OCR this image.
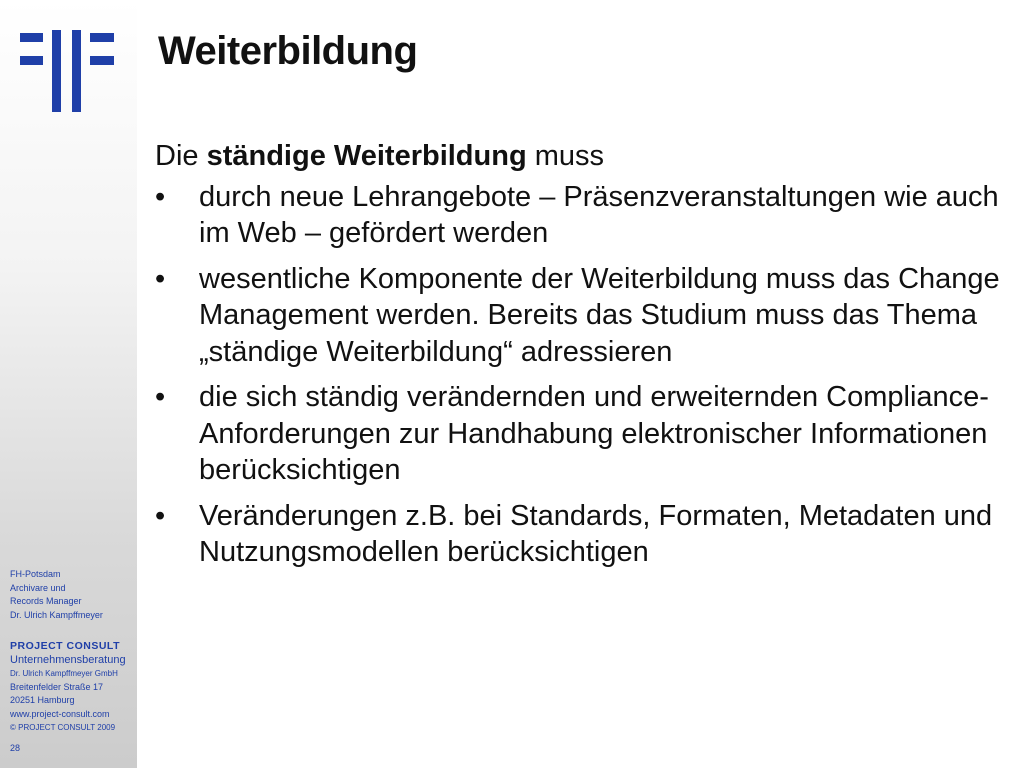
FH-Potsdam
Archivare und
Records Manager
Dr. Ulrich Kampffmeyer
PROJECT CONSULT
Unternehmensberatung
Dr. Ulrich Kampffmeyer GmbH
Breitenfelder Straße 17
20251 Hamburg
www.project-consult.com
© PROJECT CONSULT 2009
28
Weiterbildung

Die ständige Weiterbildung muss

• durch neue Lehrangebote – Präsenzveranstaltungen wie auch im Web – gefördert werden
• wesentliche Komponente der Weiterbildung muss das Change Management werden. Bereits das Studium muss das Thema „ständige Weiterbildung“ adressieren
• die sich ständig verändernden und erweiternden Compliance-Anforderungen zur Handhabung elektronischer Informationen berücksichtigen
• Veränderungen z.B. bei Standards, Formaten, Metadaten und Nutzungsmodellen berücksichtigen
